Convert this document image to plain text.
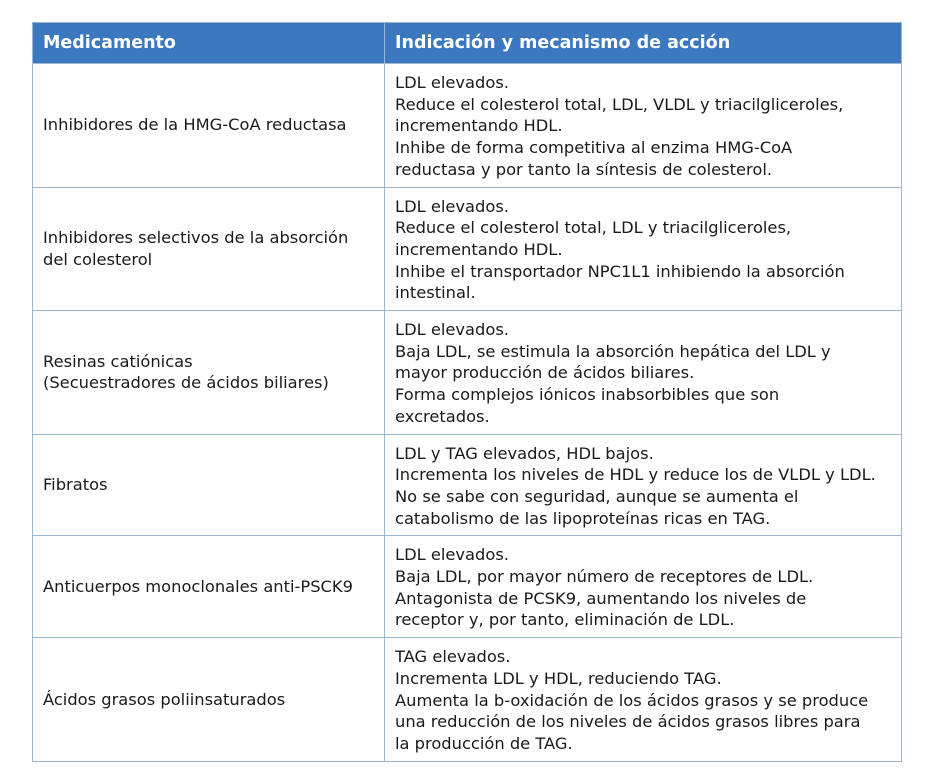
Medicamento	Indicación y mecanismo de acción

Inhibidores de la HMG-CoA reductasa	LDL elevados.
Reduce el colesterol total, LDL, VLDL y triacilgliceroles,
incrementando HDL.
Inhibe de forma competitiva al enzima HMG-CoA
reductasa y por tanto la síntesis de colesterol.

Inhibidores selectivos de la absorción
del colesterol	LDL elevados.
Reduce el colesterol total, LDL y triacilgliceroles,
incrementando HDL.
Inhibe el transportador NPC1L1 inhibiendo la absorción
intestinal.

Resinas catiónicas
(Secuestradores de ácidos biliares)	LDL elevados.
Baja LDL, se estimula la absorción hepática del LDL y
mayor producción de ácidos biliares.
Forma complejos iónicos inabsorbibles que son
excretados.

Fibratos	LDL y TAG elevados, HDL bajos.
Incrementa los niveles de HDL y reduce los de VLDL y LDL.
No se sabe con seguridad, aunque se aumenta el
catabolismo de las lipoproteínas ricas en TAG.

Anticuerpos monoclonales anti-PSCK9	LDL elevados.
Baja LDL, por mayor número de receptores de LDL.
Antagonista de PCSK9, aumentando los niveles de
receptor y, por tanto, eliminación de LDL.

Ácidos grasos poliinsaturados	TAG elevados.
Incrementa LDL y HDL, reduciendo TAG.
Aumenta la b-oxidación de los ácidos grasos y se produce
una reducción de los niveles de ácidos grasos libres para
la producción de TAG.
